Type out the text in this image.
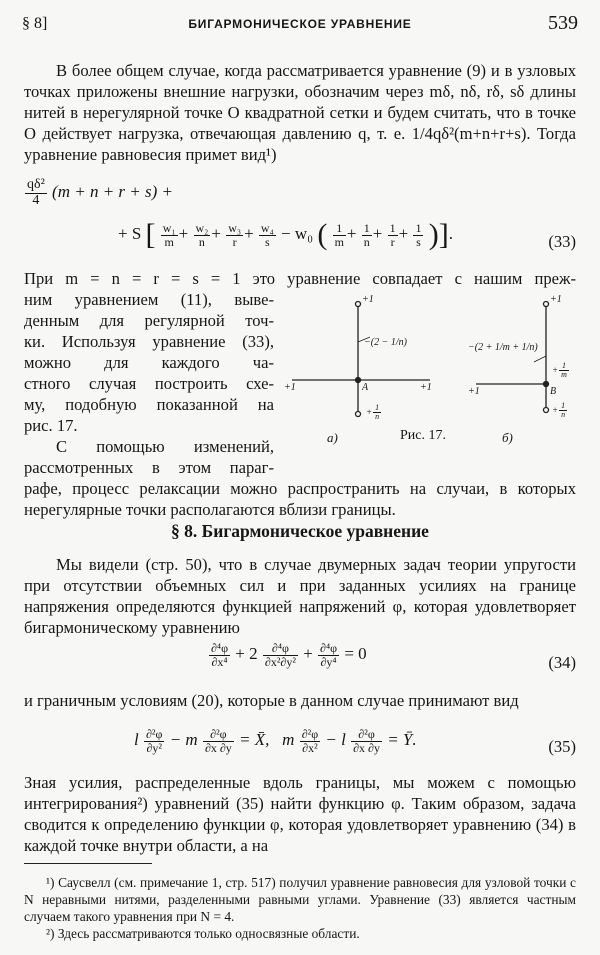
§ 8]	БИГАРМОНИЧЕСКОЕ УРАВНЕНИЕ	539
В более общем случае, когда рассматривается уравнение (9) и в узловых точках приложены внешние нагрузки, обозначим через mδ, nδ, rδ, sδ длины нитей в нерегулярной точке O квадратной сетки и будем считать, что в точке O действует нагрузка, отвечающая давлению q, т. е. 1/4qδ²(m+n+r+s). Тогда уравнение равновесия примет вид¹)
$\frac{\text{qδ²}}{4} (m + n + r + s)$ +
+ S [ $\frac{\text{w₁}}{m} + \frac{\text{w₂}}{n} + \frac{\text{w₃}}{r} + \frac{\text{w₄}}{s} - w_0$ ( $\frac{1}{m} + \frac{1}{n} + \frac{1}{r} + \frac{1}{s}$ )].	(33)
При m = n = r = s = 1 это уравнение совпадает с нашим преж-
ним уравнением (11), выве-
денным для регулярной точ-
ки. Используя уравнение (33),
можно для каждого ча-
стного случая построить схе-
му, подобную показанной на
рис. 17.
С помощью изменений,
рассмотренных в этом параг-
рафе, процесс релаксации можно распространить на случаи, в которых нерегулярные точки располагаются вблизи границы.
+1
−(2 − 1/n)
+1	+1
A
+ $\frac{1}{n}$
а)	Рис. 17.
+1
−(2 + 1/m + 1/n)
+1	B
+ $\frac{1}{m}$
+ $\frac{1}{n}$
б)
§ 8. Бигармоническое уравнение
Мы видели (стр. 50), что в случае двумерных задач теории упругости при отсутствии объемных сил и при заданных усилиях на границе напряжения определяются функцией напряжений φ, которая удовлетворяет бигармоническому уравнению
$\frac{\text{∂⁴φ}}{\text{∂x⁴}} + 2 \frac{\text{∂⁴φ}}{\text{∂x²∂y²}} + \frac{\text{∂⁴φ}}{\text{∂y⁴}} = 0$	(34)
и граничным условиям (20), которые в данном случае принимают вид
l $\frac{\text{∂²φ}}{\text{∂y²}} - m \frac{\text{∂²φ}}{\partial x \partial y}$ = X̄, m $\frac{\text{∂²φ}}{\text{∂x²}} - l \frac{\text{∂²φ}}{\partial x \partial y}$ = Ȳ.	(35)
Зная усилия, распределенные вдоль границы, мы можем с помощью интегрирования²) уравнений (35) найти функцию φ. Таким образом, задача сводится к определению функции φ, которая удовлетворяет уравнению (34) в каждой точке внутри области, а на
¹) Саусвелл (см. примечание 1, стр. 517) получил уравнение равновесия для узловой точки с N неравными нитями, разделенными равными углами. Уравнение (33) является частным случаем такого уравнения при N = 4.
²) Здесь рассматриваются только односвязные области.
